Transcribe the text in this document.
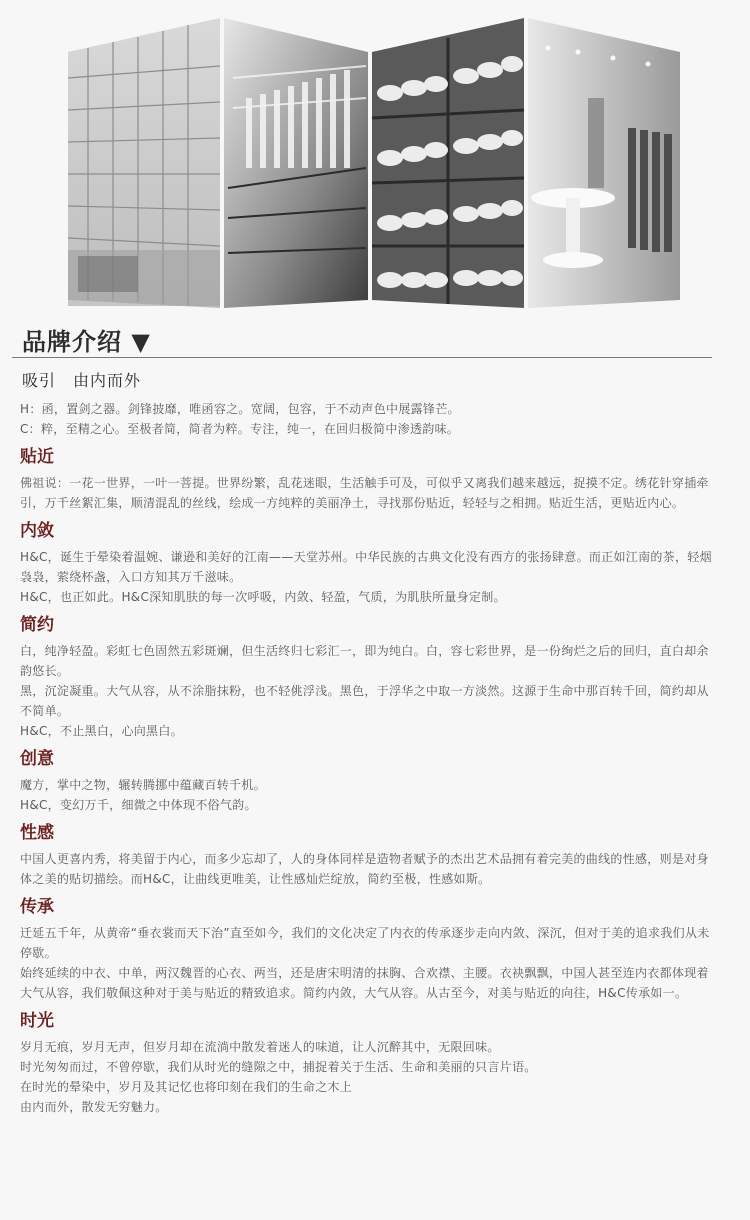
品牌介绍 ▼
吸引　由内而外

H：函，置剑之器。剑锋披靡，唯函容之。宽阔，包容，于不动声色中展露锋芒。

C：粹，至精之心。至极者简，简者为粹。专注，纯一，在回归极简中渗透韵味。

贴近

佛祖说：一花一世界，一叶一菩提。世界纷繁，乱花迷眼，生活触手可及，可似乎又离我们越来越远，捉摸不定。绣花针穿插牵引，万千丝絮汇集，顺清混乱的丝线，绘成一方纯粹的美丽净土，寻找那份贴近，轻轻与之相拥。贴近生活，更贴近内心。

内敛

H&C，诞生于晕染着温婉、谦逊和美好的江南——天堂苏州。中华民族的古典文化没有西方的张扬肆意。而正如江南的茶，轻烟袅袅，萦绕杯盏，入口方知其万千滋味。

H&C，也正如此。H&C深知肌肤的每一次呼吸，内敛、轻盈，气质，为肌肤所量身定制。

简约

白，纯净轻盈。彩虹七色固然五彩斑斓，但生活终归七彩汇一，即为纯白。白，容七彩世界，是一份绚烂之后的回归，直白却余韵悠长。

黑，沉淀凝重。大气从容，从不涂脂抹粉，也不轻佻浮浅。黑色，于浮华之中取一方淡然。这源于生命中那百转千回，简约却从不简单。

H&C，不止黑白，心向黑白。

创意

魔方，掌中之物，辗转腾挪中蕴藏百转千机。

H&C，变幻万千，细微之中体现不俗气韵。

性感

中国人更喜内秀，将美留于内心，而多少忘却了，人的身体同样是造物者赋予的杰出艺术品拥有着完美的曲线的性感，则是对身体之美的贴切描绘。而H&C，让曲线更唯美，让性感灿烂绽放，简约至极，性感如斯。

传承

迁延五千年，从黄帝“垂衣裳而天下治”直至如今，我们的文化决定了内衣的传承逐步走向内敛、深沉，但对于美的追求我们从未停歇。

始终延续的中衣、中单，两汉魏晋的心衣、两当，还是唐宋明清的抹胸、合欢襟、主腰。衣袂飘飘，中国人甚至连内衣都体现着大气从容，我们敬佩这种对于美与贴近的精致追求。简约内敛，大气从容。从古至今，对美与贴近的向往，H&C传承如一。

时光

岁月无痕，岁月无声，但岁月却在流淌中散发着迷人的味道，让人沉醉其中，无限回味。

时光匆匆而过，不曾停歇，我们从时光的缝隙之中，捕捉着关于生活、生命和美丽的只言片语。

在时光的晕染中，岁月及其记忆也将印刻在我们的生命之木上

由内而外，散发无穷魅力。
